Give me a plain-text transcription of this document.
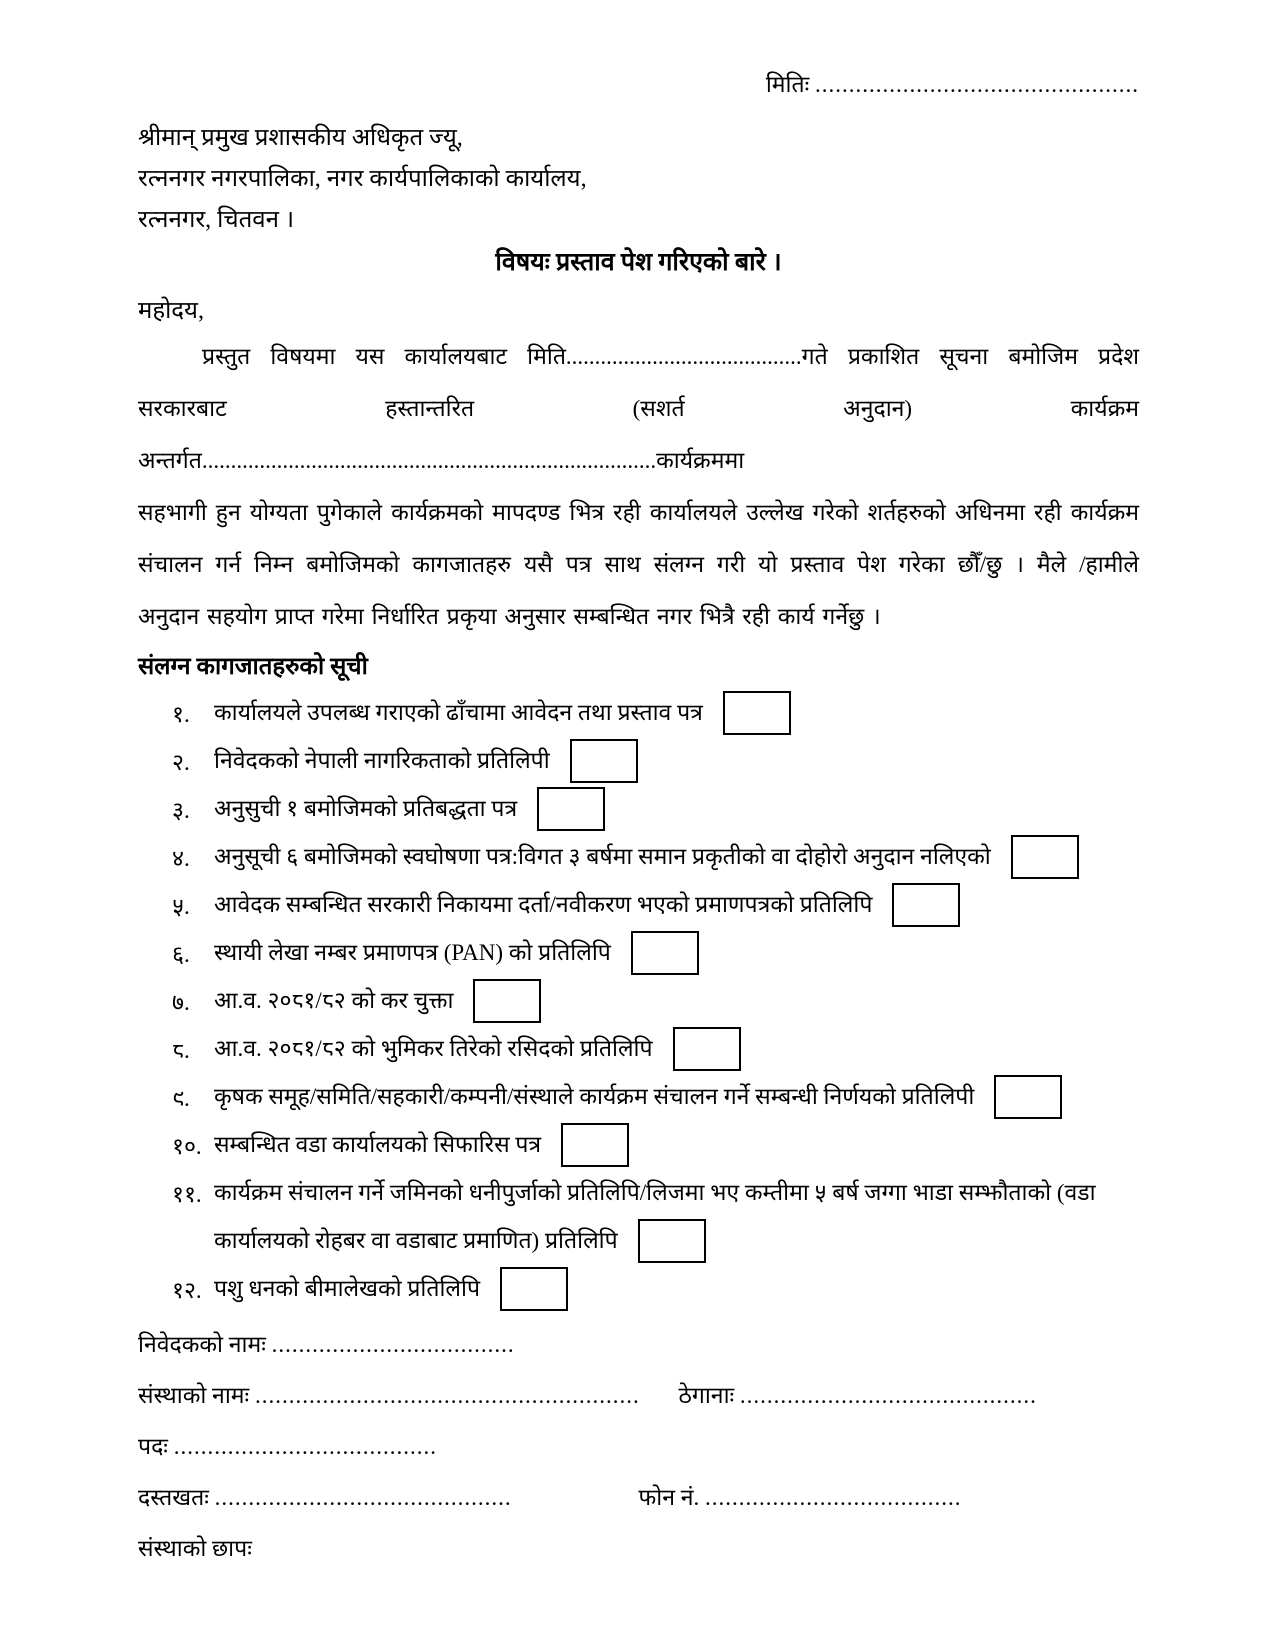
मितिः ................................................
श्रीमान् प्रमुख प्रशासकीय अधिकृत ज्यू,
रत्ननगर नगरपालिका, नगर कार्यपालिकाको कार्यालय,
रत्ननगर, चितवन ।
विषयः प्रस्ताव पेश गरिएको बारे ।
महोदय,
प्रस्तुत विषयमा यस कार्यालयबाट मिति.........................................गते प्रकाशित सूचना बमोजिम प्रदेश
सरकारबाट हस्तान्तरित (सशर्त अनुदान) कार्यक्रम अन्तर्गत...............................................................................कार्यक्रममा
सहभागी हुन योग्यता पुगेकाले कार्यक्रमको मापदण्ड भित्र रही कार्यालयले उल्लेख गरेको शर्तहरुको अधिनमा रही कार्यक्रम
संचालन गर्न निम्न बमोजिमको कागजातहरु यसै पत्र साथ संलग्न गरी यो प्रस्ताव पेश गरेका छौँ/छु । मैले /हामीले
अनुदान सहयोग प्राप्त गरेमा निर्धारित प्रकृया अनुसार सम्बन्धित नगर भित्रै रही कार्य गर्नेछु ।
संलग्न कागजातहरुको सूची
१.	कार्यालयले उपलब्ध गराएको ढाँचामा आवेदन तथा प्रस्ताव पत्र
२.	निवेदकको नेपाली नागरिकताको प्रतिलिपी
३.	अनुसुची १ बमोजिमको प्रतिबद्धता पत्र
४.	अनुसूची ६ बमोजिमको स्वघोषणा पत्र:विगत ३ बर्षमा समान प्रकृतीको वा दोहोरो अनुदान नलिएको
५.	आवेदक सम्बन्धित सरकारी निकायमा दर्ता/नवीकरण भएको प्रमाणपत्रको प्रतिलिपि
६.	स्थायी लेखा नम्बर प्रमाणपत्र (PAN) को प्रतिलिपि
७.	आ.व. २०८१/८२ को कर चुक्ता
८.	आ.व. २०८१/८२ को भुमिकर तिरेको रसिदको प्रतिलिपि
९.	कृषक समूह/समिति/सहकारी/कम्पनी/संस्थाले कार्यक्रम संचालन गर्ने सम्बन्धी निर्णयको प्रतिलिपी
१०. सम्बन्धित वडा कार्यालयको सिफारिस पत्र
११. कार्यक्रम संचालन गर्ने जमिनको धनीपुर्जाको प्रतिलिपि/लिजमा भए कम्तीमा ५ बर्ष जग्गा भाडा सम्झौताको (वडा
कार्यालयको रोहबर वा वडाबाट प्रमाणित) प्रतिलिपि
१२. पशु धनको बीमालेखको प्रतिलिपि
निवेदकको नामः ....................................
संस्थाको नामः .........................................................	ठेगानाः ............................................
पदः .......................................
दस्तखतः ............................................	फोन नं. ......................................
संस्थाको छापः
